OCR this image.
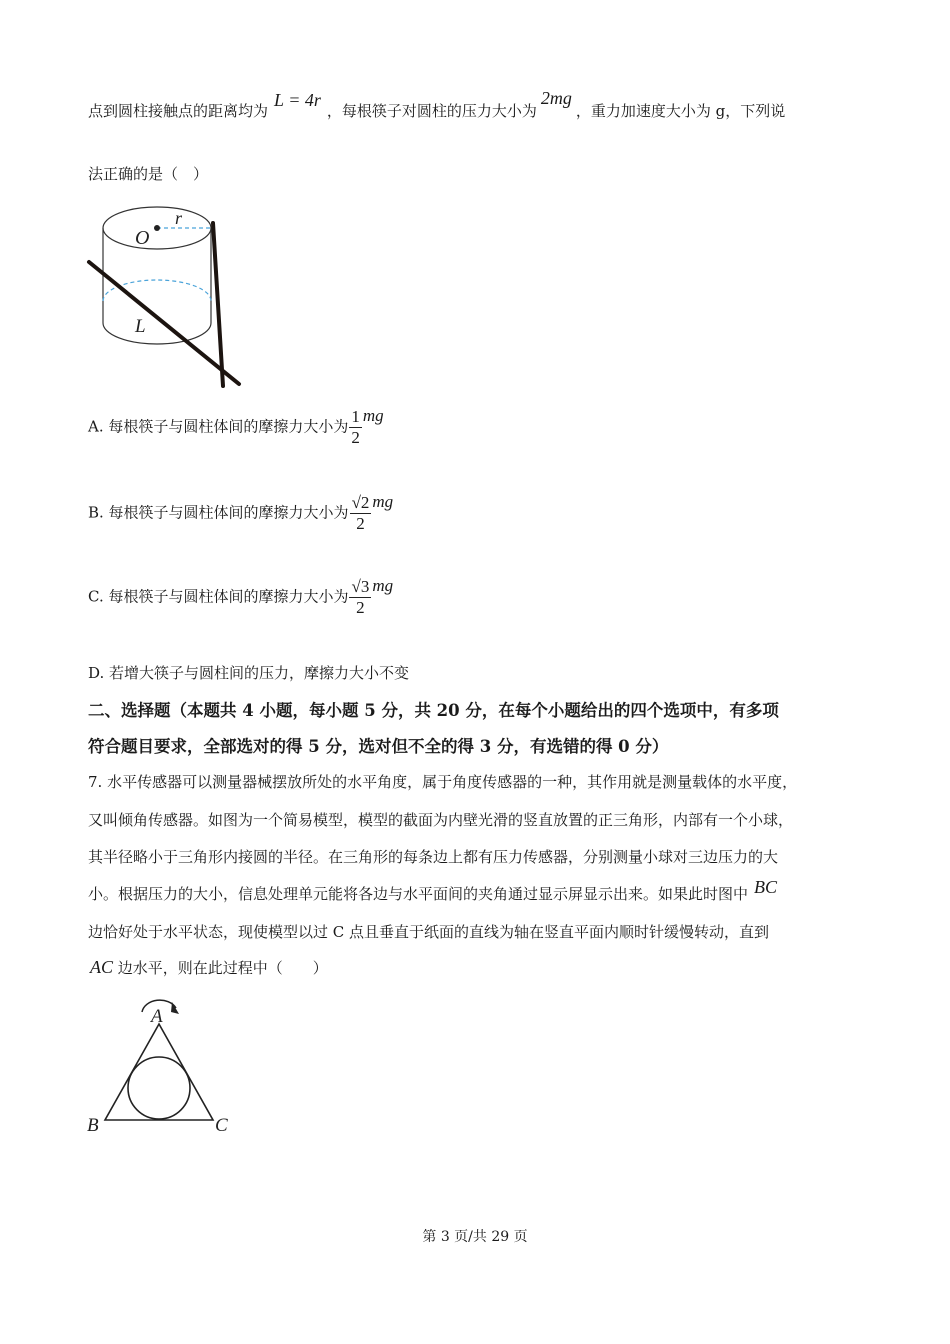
点到圆柱接触点的距离均为L = 4r，每根筷子对圆柱的压力大小为2mg，重力加速度大小为 g，下列说
法正确的是（　）
O
r
L
A. 每根筷子与圆柱体间的摩擦力大小为 $\frac{1}{2}$ mg
B. 每根筷子与圆柱体间的摩擦力大小为 $\frac{√2}{2}$ mg
C. 每根筷子与圆柱体间的摩擦力大小为 $\frac{√3}{2}$ mg
D. 若增大筷子与圆柱间的压力，摩擦力大小不变
二、选择题（本题共 4 小题，每小题 5 分，共 20 分，在每个小题给出的四个选项中，有多项
符合题目要求，全部选对的得 5 分，选对但不全的得 3 分，有选错的得 0 分）
7. 水平传感器可以测量器械摆放所处的水平角度，属于角度传感器的一种，其作用就是测量载体的水平度，
又叫倾角传感器。如图为一个简易模型，模型的截面为内壁光滑的竖直放置的正三角形，内部有一个小球，
其半径略小于三角形内接圆的半径。在三角形的每条边上都有压力传感器，分别测量小球对三边压力的大
小。根据压力的大小，信息处理单元能将各边与水平面间的夹角通过显示屏显示出来。如果此时图中 BC
边恰好处于水平状态，现使模型以过 C 点且垂直于纸面的直线为轴在竖直平面内顺时针缓慢转动，直到
AC 边水平，则在此过程中（　　）
A
B	C
第 3 页/共 29 页
